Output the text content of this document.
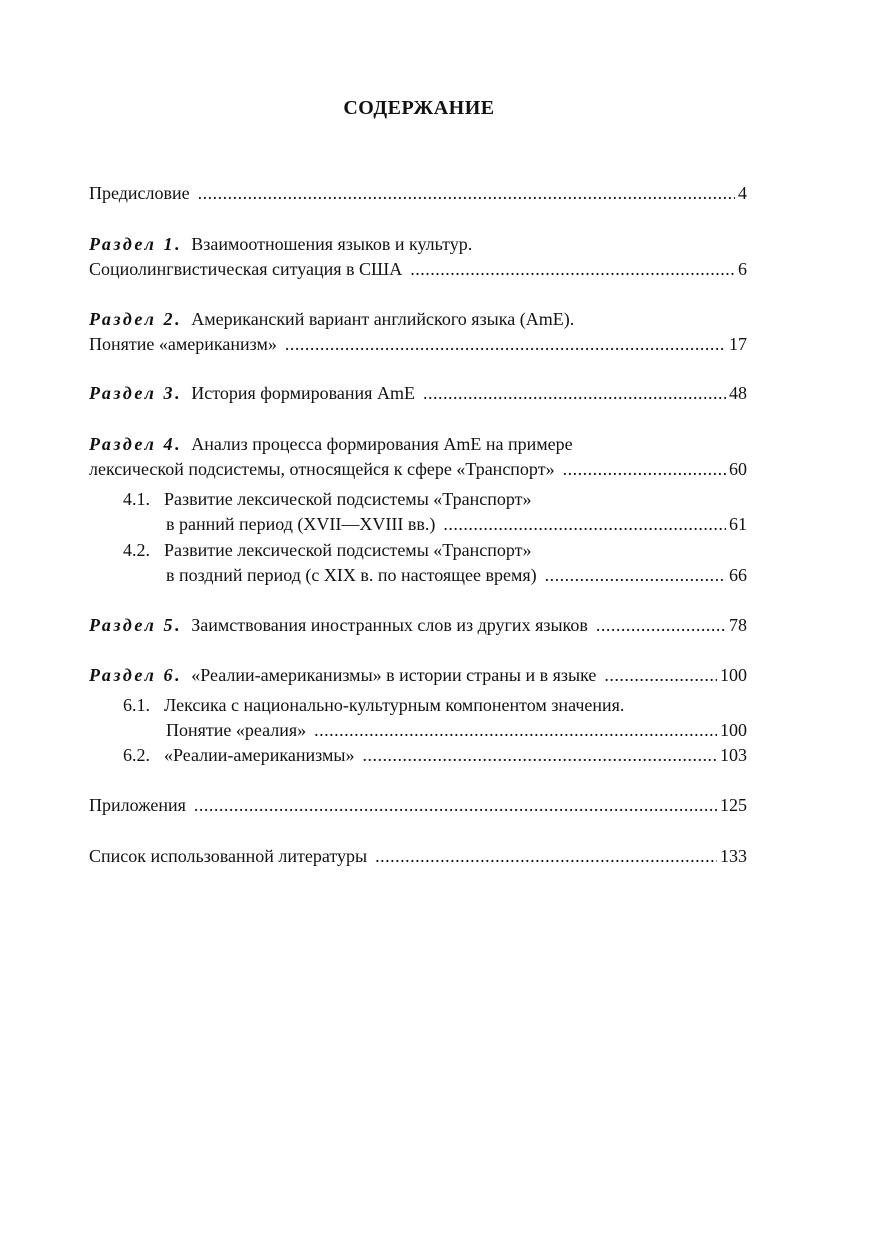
СОДЕРЖАНИЕ
Предисловие .....	4
Раздел 1. Взаимоотношения языков и культур.
Социолингвистическая ситуация в США .....	6
Раздел 2. Американский вариант английского языка (AmE).
Понятие «американизм» .....	17
Раздел 3. История формирования AmE .....	48
Раздел 4. Анализ процесса формирования AmE на примере
лексической подсистемы, относящейся к сфере «Транспорт» .....	60
4.1. Развитие лексической подсистемы «Транспорт»
в ранний период (XVII—XVIII вв.) .....	61
4.2. Развитие лексической подсистемы «Транспорт»
в поздний период (с XIX в. по настоящее время) .....	66
Раздел 5. Заимствования иностранных слов из других языков .....	78
Раздел 6. «Реалии-американизмы» в истории страны и в языке .....	100
6.1. Лексика с национально-культурным компонентом значения.
Понятие «реалия» .....	100
6.2. «Реалии-американизмы» .....	103
Приложения .....	125
Список использованной литературы .....	133
